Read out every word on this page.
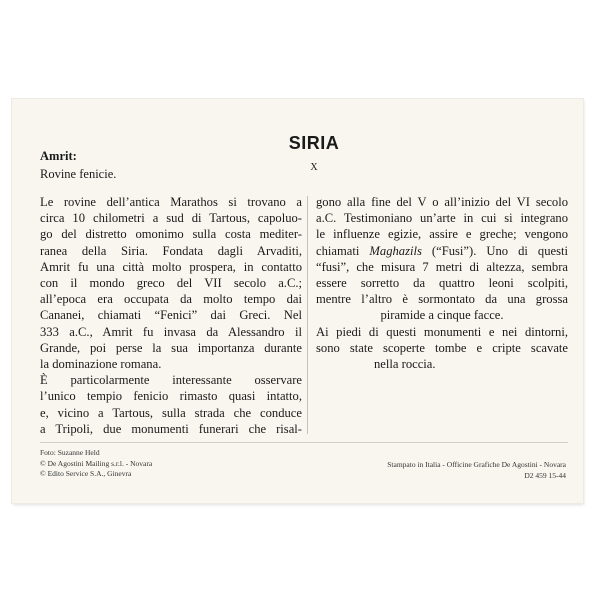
SIRIA
X
Amrit:
Rovine fenicie.

Le rovine dell’antica Marathos si trovano a

circa 10 chilometri a sud di Tartous, capoluo-

go del distretto omonimo sulla costa mediter-

ranea della Siria. Fondata dagli Arvaditi,

Amrit fu una città molto prospera, in contatto

con il mondo greco del VII secolo a.C.;

all’epoca era occupata da molto tempo dai

Cananei, chiamati “Fenici” dai Greci. Nel

333 a.C., Amrit fu invasa da Alessandro il

Grande, poi perse la sua importanza durante

la dominazione romana.

È particolarmente interessante osservare

l’unico tempio fenicio rimasto quasi intatto,

e, vicino a Tartous, sulla strada che conduce

a Tripoli, due monumenti funerari che risal-

gono alla fine del V o all’inizio del VI secolo

a.C. Testimoniano un’arte in cui si integrano

le influenze egizie, assire e greche; vengono

chiamati Maghazils (“Fusi”). Uno di questi

“fusi”, che misura 7 metri di altezza, sembra

essere sorretto da quattro leoni scolpiti,

mentre l’altro è sormontato da una grossa

piramide a cinque facce.

Ai piedi di questi monumenti e nei dintorni,

sono state scoperte tombe e cripte scavate

nella roccia.

Foto: Suzanne Held
© De Agostini Mailing s.r.l. - Novara
© Edito Service S.A., Ginevra
Stampato in Italia - Officine Grafiche De Agostini - Novara
D2 459 15-44
